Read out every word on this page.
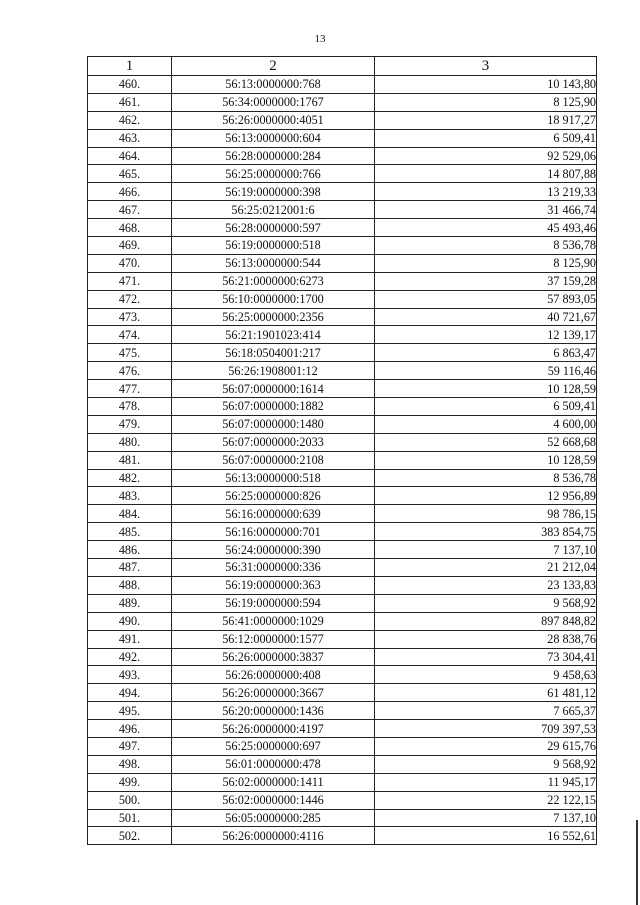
13
1	2	3
460.	56:13:0000000:768	10 143,80
461.	56:34:0000000:1767	8 125,90
462.	56:26:0000000:4051	18 917,27
463.	56:13:0000000:604	6 509,41
464.	56:28:0000000:284	92 529,06
465.	56:25:0000000:766	14 807,88
466.	56:19:0000000:398	13 219,33
467.	56:25:0212001:6	31 466,74
468.	56:28:0000000:597	45 493,46
469.	56:19:0000000:518	8 536,78
470.	56:13:0000000:544	8 125,90
471.	56:21:0000000:6273	37 159,28
472.	56:10:0000000:1700	57 893,05
473.	56:25:0000000:2356	40 721,67
474.	56:21:1901023:414	12 139,17
475.	56:18:0504001:217	6 863,47
476.	56:26:1908001:12	59 116,46
477.	56:07:0000000:1614	10 128,59
478.	56:07:0000000:1882	6 509,41
479.	56:07:0000000:1480	4 600,00
480.	56:07:0000000:2033	52 668,68
481.	56:07:0000000:2108	10 128,59
482.	56:13:0000000:518	8 536,78
483.	56:25:0000000:826	12 956,89
484.	56:16:0000000:639	98 786,15
485.	56:16:0000000:701	383 854,75
486.	56:24:0000000:390	7 137,10
487.	56:31:0000000:336	21 212,04
488.	56:19:0000000:363	23 133,83
489.	56:19:0000000:594	9 568,92
490.	56:41:0000000:1029	897 848,82
491.	56:12:0000000:1577	28 838,76
492.	56:26:0000000:3837	73 304,41
493.	56:26:0000000:408	9 458,63
494.	56:26:0000000:3667	61 481,12
495.	56:20:0000000:1436	7 665,37
496.	56:26:0000000:4197	709 397,53
497.	56:25:0000000:697	29 615,76
498.	56:01:0000000:478	9 568,92
499.	56:02:0000000:1411	11 945,17
500.	56:02:0000000:1446	22 122,15
501.	56:05:0000000:285	7 137,10
502.	56:26:0000000:4116	16 552,61
